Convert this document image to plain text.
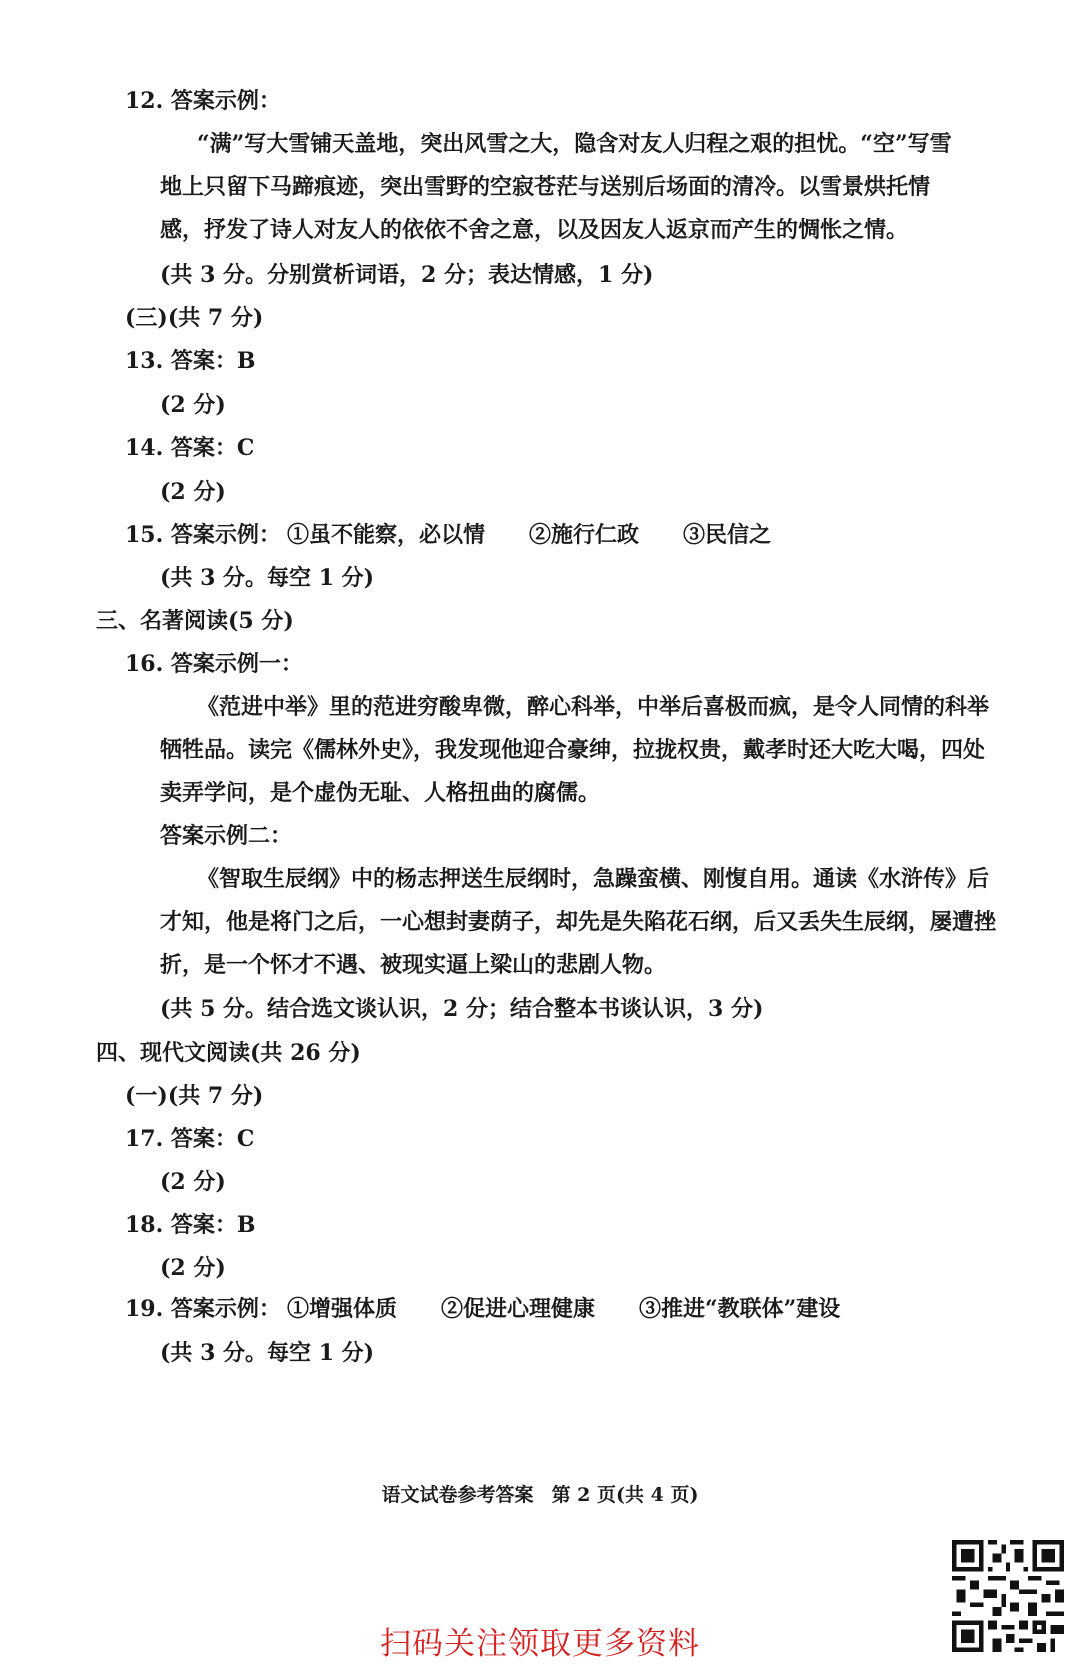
12. 答案示例：
“满”写大雪铺天盖地，突出风雪之大，隐含对友人归程之艰的担忧。“空”写雪
地上只留下马蹄痕迹，突出雪野的空寂苍茫与送别后场面的清冷。以雪景烘托情
感，抒发了诗人对友人的依依不舍之意，以及因友人返京而产生的惆怅之情。
(共 3 分。分别赏析词语，2 分；表达情感，1 分)
(三)(共 7 分)
13. 答案：B
(2 分)
14. 答案：C
(2 分)
15. 答案示例： ①虽不能察，必以情 ②施行仁政 ③民信之
(共 3 分。每空 1 分)
三、名著阅读(5 分)
16. 答案示例一：
《范进中举》里的范进穷酸卑微，醉心科举，中举后喜极而疯，是令人同情的科举
牺牲品。读完《儒林外史》，我发现他迎合豪绅，拉拢权贵，戴孝时还大吃大喝，四处
卖弄学问，是个虚伪无耻、人格扭曲的腐儒。
答案示例二：
《智取生辰纲》中的杨志押送生辰纲时，急躁蛮横、刚愎自用。通读《水浒传》后
才知，他是将门之后，一心想封妻荫子，却先是失陷花石纲，后又丢失生辰纲，屡遭挫
折，是一个怀才不遇、被现实逼上梁山的悲剧人物。
(共 5 分。结合选文谈认识，2 分；结合整本书谈认识，3 分)
四、现代文阅读(共 26 分)
(一)(共 7 分)
17. 答案：C
(2 分)
18. 答案：B
(2 分)
19. 答案示例： ①增强体质 ②促进心理健康 ③推进“教联体”建设
(共 3 分。每空 1 分)
语文试卷参考答案 第 2 页(共 4 页)
扫码关注领取更多资料
